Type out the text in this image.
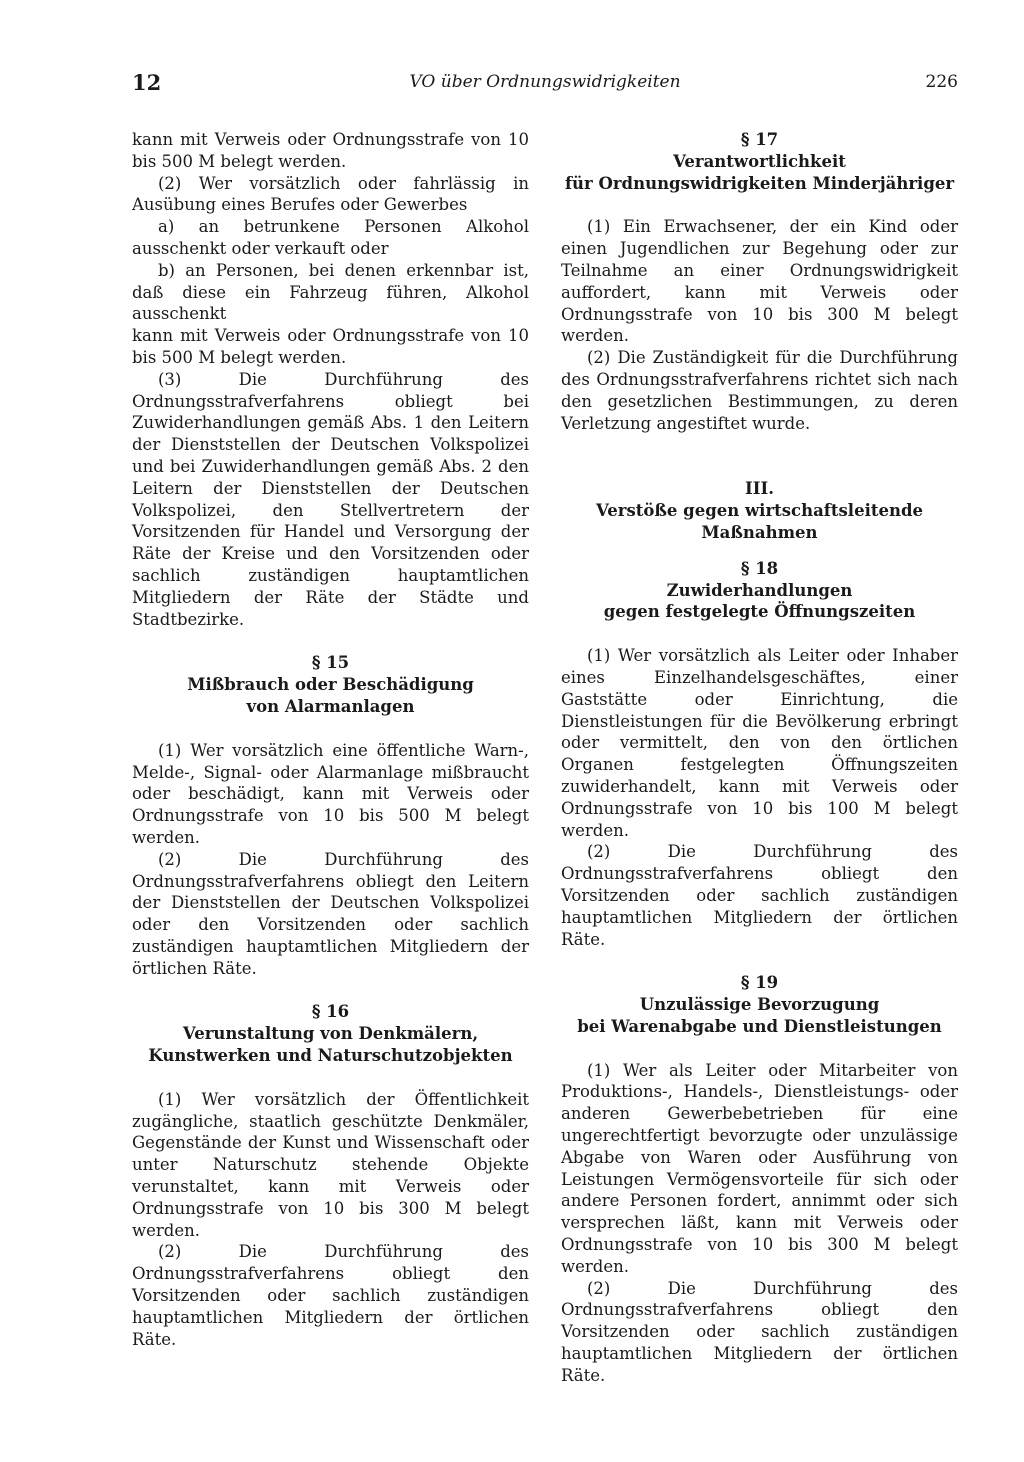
12	VO über Ordnungswidrigkeiten	226

kann mit Verweis oder Ordnungsstrafe von 10 bis 500 M belegt werden.

(2) Wer vorsätzlich oder fahrlässig in Ausübung eines Berufes oder Gewerbes

a) an betrunkene Personen Alkohol ausschenkt oder verkauft oder

b) an Personen, bei denen erkennbar ist, daß diese ein Fahrzeug führen, Alkohol ausschenkt

kann mit Verweis oder Ordnungsstrafe von 10 bis 500 M belegt werden.

(3) Die Durchführung des Ordnungsstrafverfahrens obliegt bei Zuwiderhandlungen gemäß Abs. 1 den Leitern der Dienststellen der Deutschen Volkspolizei und bei Zuwiderhandlungen gemäß Abs. 2 den Leitern der Dienststellen der Deutschen Volkspolizei, den Stellvertretern der Vorsitzenden für Handel und Versorgung der Räte der Kreise und den Vorsitzenden oder sachlich zuständigen hauptamtlichen Mitgliedern der Räte der Städte und Stadtbezirke.

§ 15

Mißbrauch oder Beschädigung

von Alarmanlagen

(1) Wer vorsätzlich eine öffentliche Warn-, Melde-, Signal- oder Alarmanlage mißbraucht oder beschädigt, kann mit Verweis oder Ordnungsstrafe von 10 bis 500 M belegt werden.

(2) Die Durchführung des Ordnungsstrafverfahrens obliegt den Leitern der Dienststellen der Deutschen Volkspolizei oder den Vorsitzenden oder sachlich zuständigen hauptamtlichen Mitgliedern der örtlichen Räte.

§ 16

Verunstaltung von Denkmälern,

Kunstwerken und Naturschutzobjekten

(1) Wer vorsätzlich der Öffentlichkeit zugängliche, staatlich geschützte Denkmäler, Gegenstände der Kunst und Wissenschaft oder unter Naturschutz stehende Objekte verunstaltet, kann mit Verweis oder Ordnungsstrafe von 10 bis 300 M belegt werden.

(2) Die Durchführung des Ordnungsstrafverfahrens obliegt den Vorsitzenden oder sachlich zuständigen hauptamtlichen Mitgliedern der örtlichen Räte.

§ 17

Verantwortlichkeit

für Ordnungswidrigkeiten Minderjähriger

(1) Ein Erwachsener, der ein Kind oder einen Jugendlichen zur Begehung oder zur Teilnahme an einer Ordnungswidrigkeit auffordert, kann mit Verweis oder Ordnungsstrafe von 10 bis 300 M belegt werden.

(2) Die Zuständigkeit für die Durchführung des Ordnungsstrafverfahrens richtet sich nach den gesetzlichen Bestimmungen, zu deren Verletzung angestiftet wurde.

III.

Verstöße gegen wirtschaftsleitende

Maßnahmen

§ 18

Zuwiderhandlungen

gegen festgelegte Öffnungszeiten

(1) Wer vorsätzlich als Leiter oder Inhaber eines Einzelhandelsgeschäftes, einer Gaststätte oder Einrichtung, die Dienstleistungen für die Bevölkerung erbringt oder vermittelt, den von den örtlichen Organen festgelegten Öffnungszeiten zuwiderhandelt, kann mit Verweis oder Ordnungsstrafe von 10 bis 100 M belegt werden.

(2) Die Durchführung des Ordnungsstrafverfahrens obliegt den Vorsitzenden oder sachlich zuständigen hauptamtlichen Mitgliedern der örtlichen Räte.

§ 19

Unzulässige Bevorzugung

bei Warenabgabe und Dienstleistungen

(1) Wer als Leiter oder Mitarbeiter von Produktions-, Handels-, Dienstleistungs- oder anderen Gewerbebetrieben für eine ungerechtfertigt bevorzugte oder unzulässige Abgabe von Waren oder Ausführung von Leistungen Vermögensvorteile für sich oder andere Personen fordert, annimmt oder sich versprechen läßt, kann mit Verweis oder Ordnungsstrafe von 10 bis 300 M belegt werden.

(2) Die Durchführung des Ordnungsstrafverfahrens obliegt den Vorsitzenden oder sachlich zuständigen hauptamtlichen Mitgliedern der örtlichen Räte.
